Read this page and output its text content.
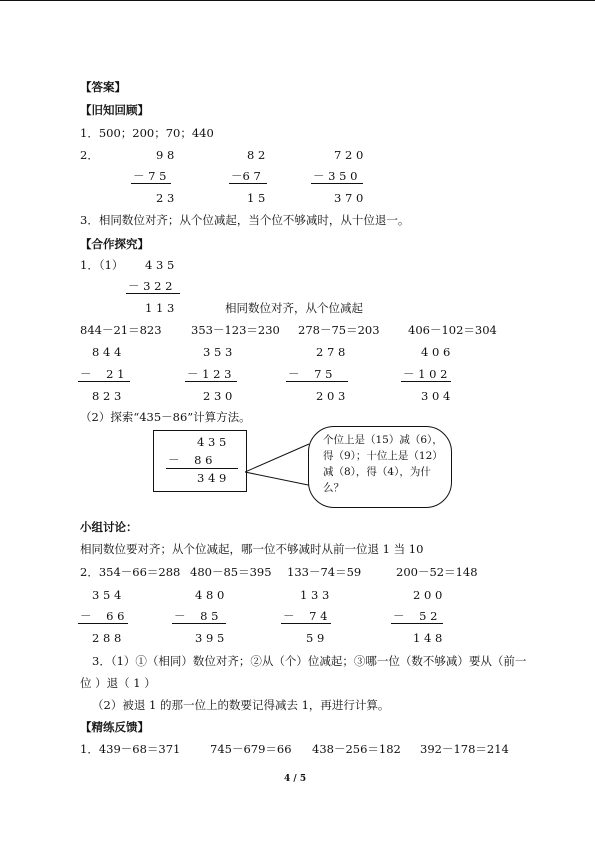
【答案】
【旧知回顾】
1．500；200；70；440
2．	9 8
－ 7 5
2 3
8 2
－6 7
1 5
7 2 0
－ 3 5 0
3 7 0
3．相同数位对齐；从个位减起，当个位不够减时，从十位退一。
【合作探究】
1．（1） 4 3 5
－ 3 2 2
1 1 3	相同数位对齐，从个位减起
844－21＝823	353－123＝230 278－75＝203 406－102＝304
8 4 4
－    2 1
8 2 3
3 5 3
－ 1 2 3
2 3 0
2 7 8
－    7 5
2 0 3
4 0 6
－ 1 0 2
3 0 4
（2）探索“435－86”计算方法。
4 3 5
－    8 6
3 4 9
个位上是（15）减（6），得（9）；十位上是（12）减（8），得（4），为什么？
小组讨论：
相同数位要对齐；从个位减起，哪一位不够减时从前一位退 1 当 10
2．354－66＝288 480－85＝395 133－74＝59	200－52＝148
3 5 4
－    6 6
2 8 8
4 8 0
－    8 5
3 9 5
1 3 3
－    7 4
5 9
2 0 0
－    5 2
1 4 8
3．（1）①（相同）数位对齐；②从（个）位减起；③哪一位（数不够减）要从（前一
位 ）退（ 1 ）
（2）被退 1 的那一位上的数要记得减去 1，再进行计算。
【精练反馈】
1．439－68＝371	745－679＝66 438－256＝182 392－178＝214
4 / 5
